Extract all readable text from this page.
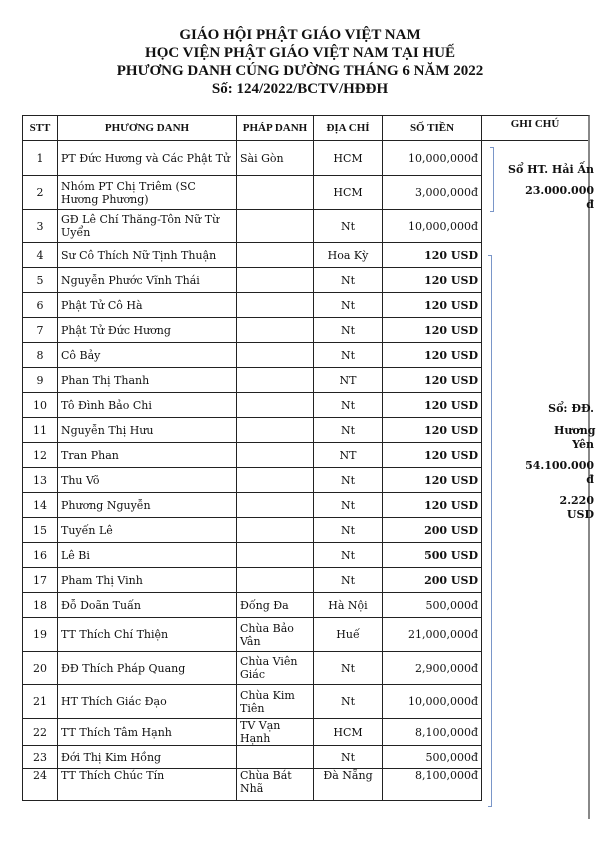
GIÁO HỘI PHẬT GIÁO VIỆT NAM
HỌC VIỆN PHẬT GIÁO VIỆT NAM TẠI HUẾ
PHƯƠNG DANH CÚNG DƯỜNG THÁNG 6 NĂM 2022
Số: 124/2022/BCTV/HĐĐH
STT	PHƯƠNG DANH	PHÁP DANH	ĐỊA CHỈ	SỐ TIỀN
1	PT Đức Hương và Các Phật Tử	Sài Gòn	HCM	10,000,000đ
2	Nhóm PT Chị Triêm (SC Hương Phương)		HCM	3,000,000đ
3	GĐ Lê Chí Thăng-Tôn Nữ Từ Uyển		Nt	10,000,000đ
4	Sư Cô Thích Nữ Tịnh Thuận		Hoa Kỳ	120 USD
5	Nguyễn Phước Vĩnh Thái		Nt	120 USD
6	Phật Tử Cô Hà		Nt	120 USD
7	Phật Tử Đức Hương		Nt	120 USD
8	Cô Bảy		Nt	120 USD
9	Phan Thị Thanh		NT	120 USD
10	Tô Đình Bảo Chi		Nt	120 USD
11	Nguyễn Thị Hưu		Nt	120 USD
12	Tran Phan		NT	120 USD
13	Thu Võ		Nt	120 USD
14	Phương Nguyễn		Nt	120 USD
15	Tuyến Lê		Nt	200 USD
16	Lê Bi		Nt	500 USD
17	Pham Thị Vinh		Nt	200 USD
18	Đỗ Doãn Tuấn	Đống Đa	Hà Nội	500,000đ
19	TT Thích Chí Thiện	Chùa Bảo Vân	Huế	21,000,000đ
20	ĐĐ Thích Pháp Quang	Chùa Viên Giác	Nt	2,900,000đ
21	HT Thích Giác Đạo	Chùa Kim Tiên	Nt	10,000,000đ
22	TT Thích Tâm Hạnh	TV Vạn Hạnh	HCM	8,100,000đ
23	Đới Thị Kim Hồng		Nt	500,000đ
24	TT Thích Chúc Tín	Chùa Bát Nhã	Đà Nẵng	8,100,000đ
GHI CHÚ
Sổ HT. Hải Ấn
23.000.000 đ
Sổ: ĐĐ.
Hương Yên
54.100.000 đ
2.220 USD
